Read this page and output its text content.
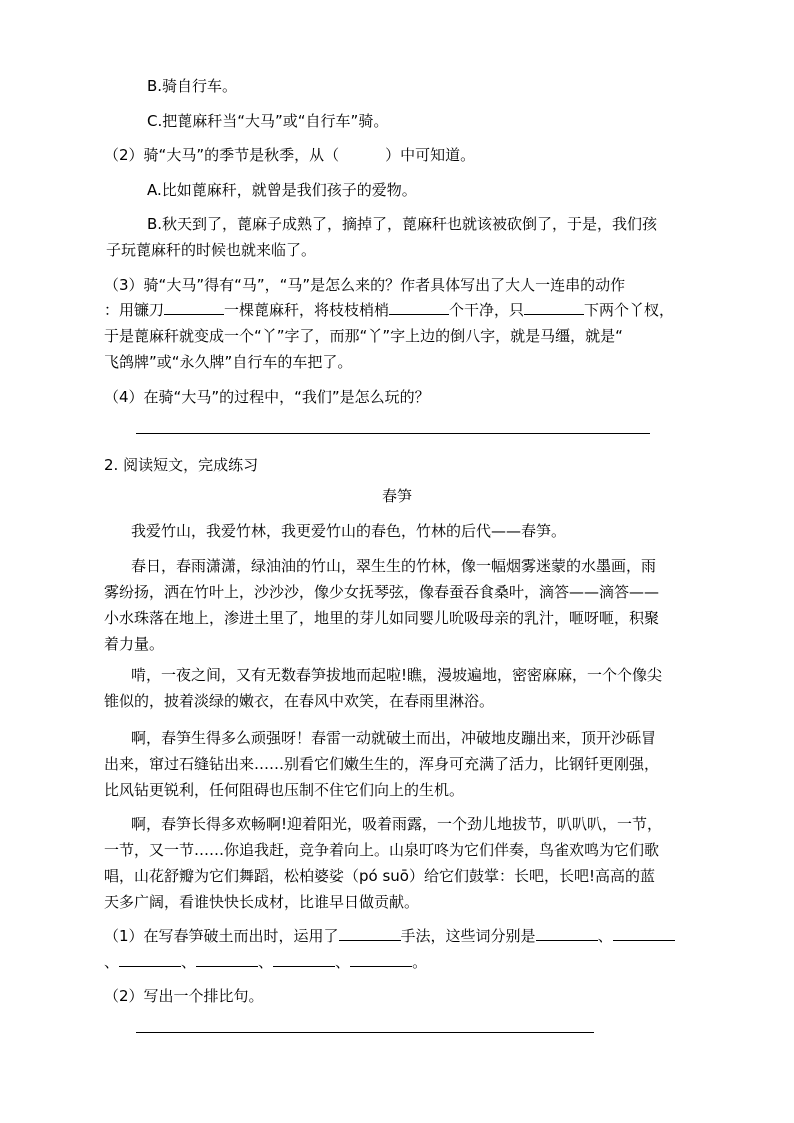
B.骑自行车。
C.把蓖麻秆当“大马”或“自行车”骑。
（2）骑“大马”的季节是秋季，从（	）中可知道。
A.比如蓖麻秆，就曾是我们孩子的爱物。
B.秋天到了，蓖麻子成熟了，摘掉了，蓖麻秆也就该被砍倒了，于是，我们孩
子玩蓖麻秆的时候也就来临了。
（3）骑“大马”得有“马”，“马”是怎么来的？作者具体写出了大人一连串的动作
：用镰刀	一棵蓖麻秆，将枝枝梢梢	个干净，只	下两个丫杈，
于是蓖麻秆就变成一个“丫”字了，而那“丫”字上边的倒八字，就是马缰，就是“
飞鸽牌”或“永久牌”自行车的车把了。
（4）在骑“大马”的过程中，“我们”是怎么玩的？
2. 阅读短文，完成练习
春笋
我爱竹山，我爱竹林，我更爱竹山的春色，竹林的后代——春笋。
春日，春雨潇潇，绿油油的竹山，翠生生的竹林，像一幅烟雾迷蒙的水墨画，雨
雾纷扬，洒在竹叶上，沙沙沙，像少女抚琴弦，像春蚕吞食桑叶，滴答——滴答——
小水珠落在地上，渗进土里了，地里的芽儿如同婴儿吮吸母亲的乳汁，咂呀咂，积聚
着力量。
啃，一夜之间，又有无数春笋拔地而起啦!瞧，漫坡遍地，密密麻麻，一个个像尖
锥似的，披着淡绿的嫩衣，在春风中欢笑，在春雨里淋浴。
啊，春笋生得多么顽强呀！春雷一动就破土而出，冲破地皮蹦出来，顶开沙砾冒
出来，窜过石缝钻出来……别看它们嫩生生的，浑身可充满了活力，比钢钎更刚强，
比风钻更锐利，任何阻碍也压制不住它们向上的生机。
啊，春笋长得多欢畅啊!迎着阳光，吸着雨露，一个劲儿地拔节，叭叭叭，一节，
一节，又一节……你追我赶，竞争着向上。山泉叮咚为它们伴奏，鸟雀欢鸣为它们歌
唱，山花舒瓣为它们舞蹈，松柏婆娑（pó suō）给它们鼓掌：长吧，长吧!高高的蓝
天多广阔，看谁快快长成材，比谁早日做贡献。
（1）在写春笋破土而出时，运用了	手法，这些词分别是	、
、	、	、	、	。
（2）写出一个排比句。
